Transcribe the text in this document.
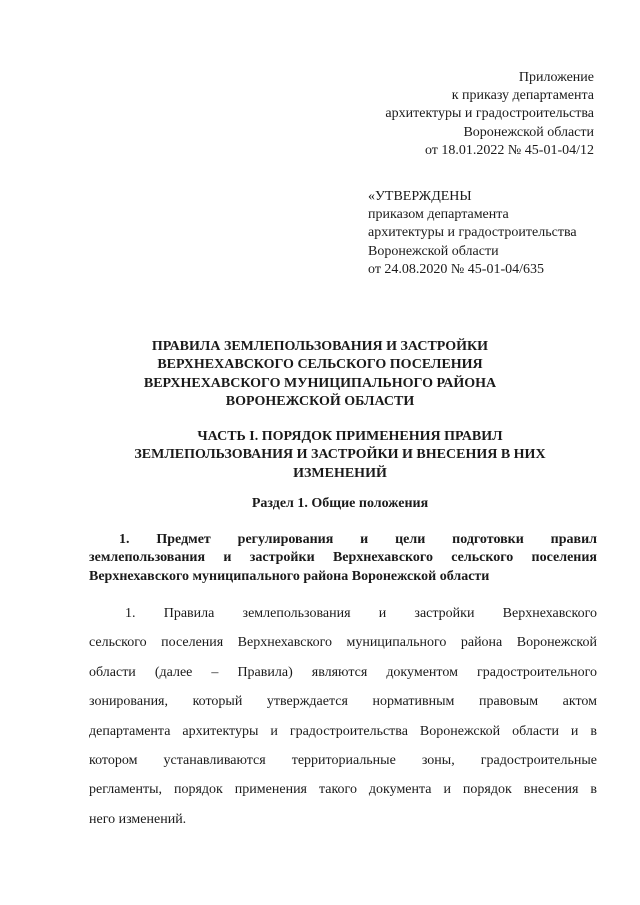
Приложение
к приказу департамента
архитектуры и градостроительства
Воронежской области
от 18.01.2022 № 45-01-04/12
«УТВЕРЖДЕНЫ
приказом департамента
архитектуры и градостроительства
Воронежской области
от 24.08.2020 № 45-01-04/635
ПРАВИЛА ЗЕМЛЕПОЛЬЗОВАНИЯ И ЗАСТРОЙКИ
ВЕРХНЕХАВСКОГО СЕЛЬСКОГО ПОСЕЛЕНИЯ
ВЕРХНЕХАВСКОГО МУНИЦИПАЛЬНОГО РАЙОНА
ВОРОНЕЖСКОЙ ОБЛАСТИ
ЧАСТЬ I. ПОРЯДОК ПРИМЕНЕНИЯ ПРАВИЛ
ЗЕМЛЕПОЛЬЗОВАНИЯ И ЗАСТРОЙКИ И ВНЕСЕНИЯ В НИХ
ИЗМЕНЕНИЙ
Раздел 1. Общие положения
1. Предмет регулирования и цели подготовки правил
землепользования и застройки Верхнехавского сельского поселения
Верхнехавского муниципального района Воронежской области
1. Правила землепользования и застройки Верхнехавского
сельского поселения Верхнехавского муниципального района Воронежской
области (далее – Правила) являются документом градостроительного
зонирования, который утверждается нормативным правовым актом
департамента архитектуры и градостроительства Воронежской области и в
котором устанавливаются территориальные зоны, градостроительные
регламенты, порядок применения такого документа и порядок внесения в
него изменений.
